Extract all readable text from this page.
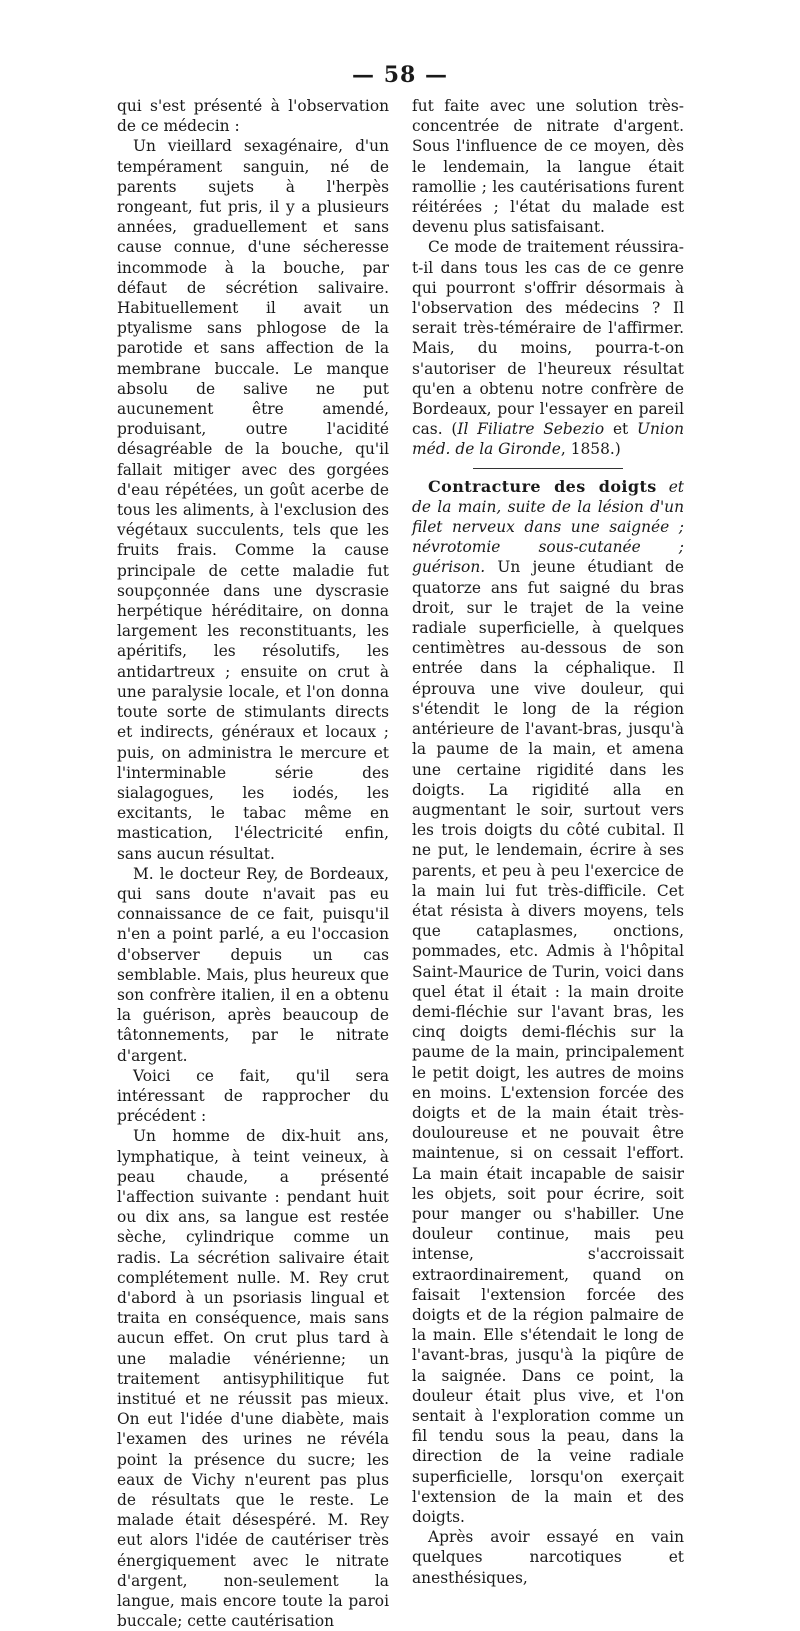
— 58 —

qui s'est présenté à l'observation de ce médecin :

Un vieillard sexagénaire, d'un tempérament sanguin, né de parents sujets à l'herpès rongeant, fut pris, il y a plusieurs années, graduellement et sans cause connue, d'une sécheresse incommode à la bouche, par défaut de sécrétion salivaire. Habituellement il avait un ptyalisme sans phlogose de la parotide et sans affection de la membrane buccale. Le manque absolu de salive ne put aucunement être amendé, produisant, outre l'acidité désagréable de la bouche, qu'il fallait mitiger avec des gorgées d'eau répétées, un goût acerbe de tous les aliments, à l'exclusion des végétaux succulents, tels que les fruits frais. Comme la cause principale de cette maladie fut soupçonnée dans une dyscrasie herpétique héréditaire, on donna largement les reconstituants, les apéritifs, les résolutifs, les antidartreux ; ensuite on crut à une paralysie locale, et l'on donna toute sorte de stimulants directs et indirects, généraux et locaux ; puis, on administra le mercure et l'interminable série des sialagogues, les iodés, les excitants, le tabac même en mastication, l'électricité enfin, sans aucun résultat.

M. le docteur Rey, de Bordeaux, qui sans doute n'avait pas eu connaissance de ce fait, puisqu'il n'en a point parlé, a eu l'occasion d'observer depuis un cas semblable. Mais, plus heureux que son confrère italien, il en a obtenu la guérison, après beaucoup de tâtonnements, par le nitrate d'argent.

Voici ce fait, qu'il sera intéressant de rapprocher du précédent :

Un homme de dix-huit ans, lymphatique, à teint veineux, à peau chaude, a présenté l'affection suivante : pendant huit ou dix ans, sa langue est restée sèche, cylindrique comme un radis. La sécrétion salivaire était complétement nulle. M. Rey crut d'abord à un psoriasis lingual et traita en conséquence, mais sans aucun effet. On crut plus tard à une maladie vénérienne; un traitement antisyphilitique fut institué et ne réussit pas mieux. On eut l'idée d'une diabète, mais l'examen des urines ne révéla point la présence du sucre; les eaux de Vichy n'eurent pas plus de résultats que le reste. Le malade était désespéré. M. Rey eut alors l'idée de cautériser très énergiquement avec le nitrate d'argent, non-seulement la langue, mais encore toute la paroi buccale; cette cautérisation

fut faite avec une solution très-concentrée de nitrate d'argent. Sous l'influence de ce moyen, dès le lendemain, la langue était ramollie ; les cautérisations furent réitérées ; l'état du malade est devenu plus satisfaisant.

Ce mode de traitement réussira-t-il dans tous les cas de ce genre qui pourront s'offrir désormais à l'observation des médecins ? Il serait très-téméraire de l'affirmer. Mais, du moins, pourra-t-on s'autoriser de l'heureux résultat qu'en a obtenu notre confrère de Bordeaux, pour l'essayer en pareil cas. (Il Filiatre Sebezio et Union méd. de la Gironde, 1858.)

Contracture des doigts et de la main, suite de la lésion d'un filet nerveux dans une saignée ; névrotomie sous-cutanée ; guérison. Un jeune étudiant de quatorze ans fut saigné du bras droit, sur le trajet de la veine radiale superficielle, à quelques centimètres au-dessous de son entrée dans la céphalique. Il éprouva une vive douleur, qui s'étendit le long de la région antérieure de l'avant-bras, jusqu'à la paume de la main, et amena une certaine rigidité dans les doigts. La rigidité alla en augmentant le soir, surtout vers les trois doigts du côté cubital. Il ne put, le lendemain, écrire à ses parents, et peu à peu l'exercice de la main lui fut très-difficile. Cet état résista à divers moyens, tels que cataplasmes, onctions, pommades, etc. Admis à l'hôpital Saint-Maurice de Turin, voici dans quel état il était : la main droite demi-fléchie sur l'avant bras, les cinq doigts demi-fléchis sur la paume de la main, principalement le petit doigt, les autres de moins en moins. L'extension forcée des doigts et de la main était très-douloureuse et ne pouvait être maintenue, si on cessait l'effort. La main était incapable de saisir les objets, soit pour écrire, soit pour manger ou s'habiller. Une douleur continue, mais peu intense, s'accroissait extraordinairement, quand on faisait l'extension forcée des doigts et de la région palmaire de la main. Elle s'étendait le long de l'avant-bras, jusqu'à la piqûre de la saignée. Dans ce point, la douleur était plus vive, et l'on sentait à l'exploration comme un fil tendu sous la peau, dans la direction de la veine radiale superficielle, lorsqu'on exerçait l'extension de la main et des doigts.

Après avoir essayé en vain quelques narcotiques et anesthésiques,
